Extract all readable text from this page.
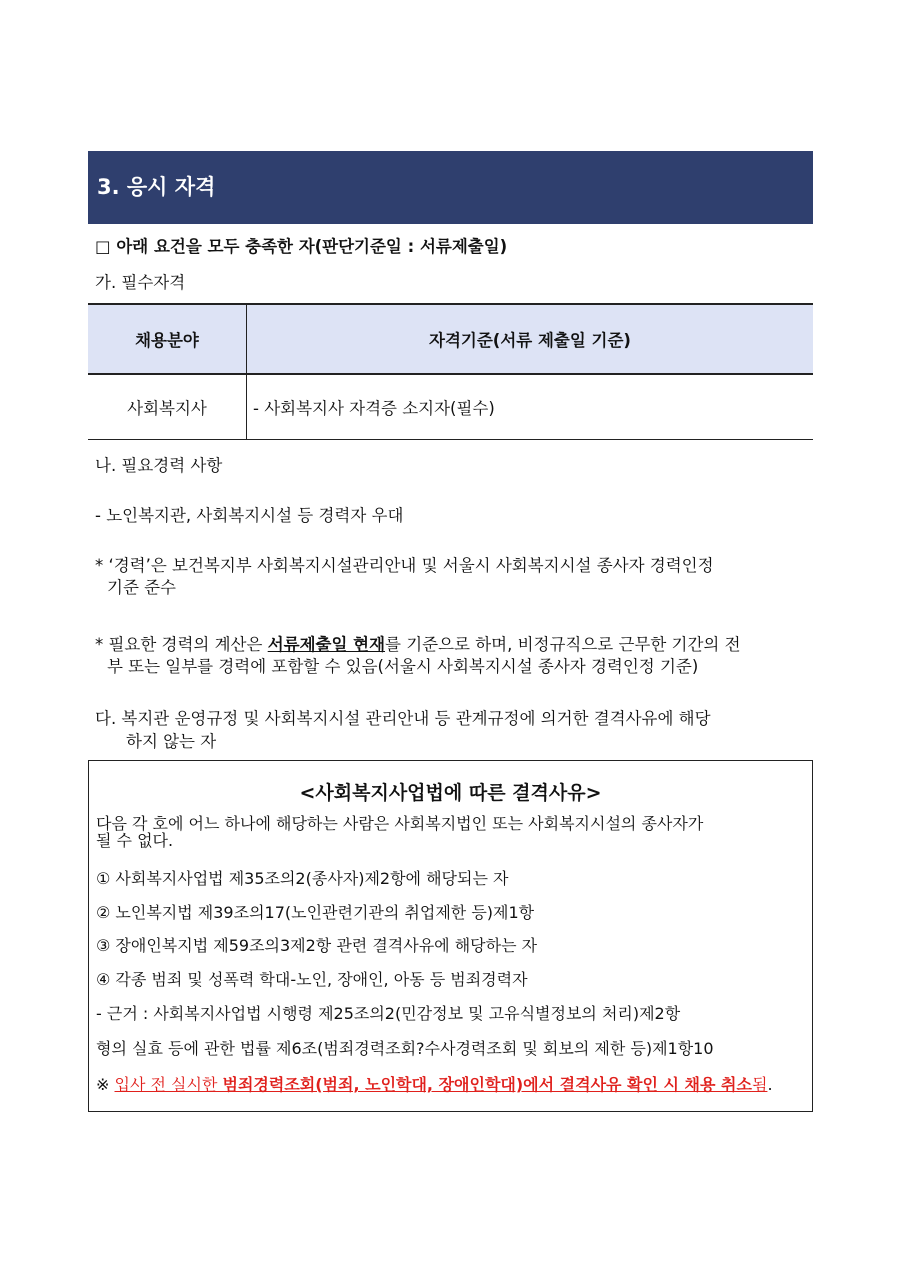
3. 응시 자격
□ 아래 요건을 모두 충족한 자(판단기준일 : 서류제출일)
가. 필수자격
채용분야	자격기준(서류 제출일 기준)
사회복지사	- 사회복지사 자격증 소지자(필수)
나. 필요경력 사항
- 노인복지관, 사회복지시설 등 경력자 우대
* ‘경력’은 보건복지부 사회복지시설관리안내 및 서울시 사회복지시설 종사자 경력인정
기준 준수
* 필요한 경력의 계산은 서류제출일 현재를 기준으로 하며, 비정규직으로 근무한 기간의 전
부 또는 일부를 경력에 포함할 수 있음(서울시 사회복지시설 종사자 경력인정 기준)
다. 복지관 운영규정 및 사회복지시설 관리안내 등 관계규정에 의거한 결격사유에 해당
하지 않는 자
<사회복지사업법에 따른 결격사유>
다음 각 호에 어느 하나에 해당하는 사람은 사회복지법인 또는 사회복지시설의 종사자가
될 수 없다.
① 사회복지사업법 제35조의2(종사자)제2항에 해당되는 자
② 노인복지법 제39조의17(노인관련기관의 취업제한 등)제1항
③ 장애인복지법 제59조의3제2항 관련 결격사유에 해당하는 자
④ 각종 범죄 및 성폭력 학대-노인, 장애인, 아동 등 범죄경력자
- 근거 : 사회복지사업법 시행령 제25조의2(민감정보 및 고유식별정보의 처리)제2항
형의 실효 등에 관한 법률 제6조(범죄경력조회?수사경력조회 및 회보의 제한 등)제1항10
※ 입사 전 실시한 범죄경력조회(범죄, 노인학대, 장애인학대)에서 결격사유 확인 시 채용 취소됨.
